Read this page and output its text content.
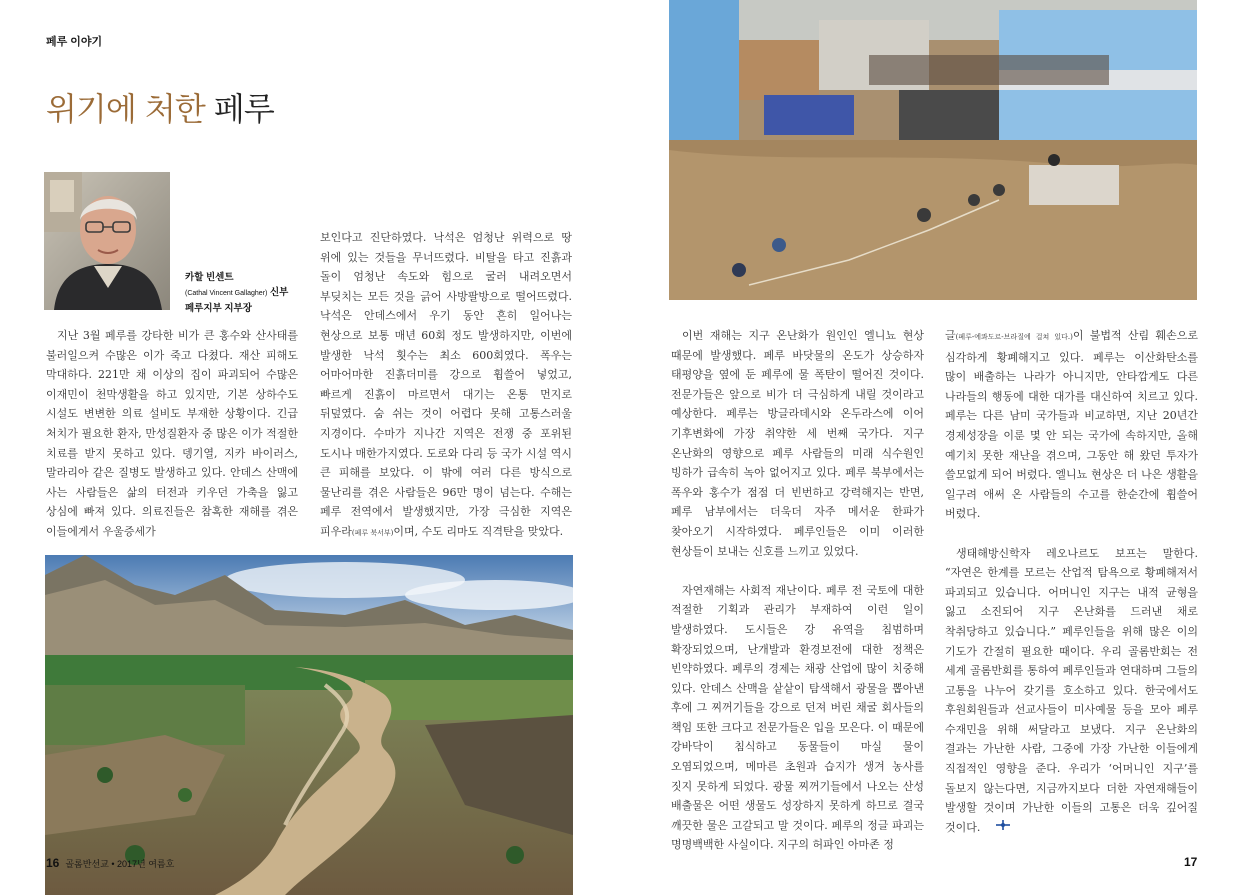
페루 이야기
위기에 처한 페루
카할 빈센트
(Cathal Vincent Gallagher) 신부
페루지부 지부장

지난 3월 페루를 강타한 비가 큰 홍수와 산사태를 불러일으켜 수많은 이가 죽고 다쳤다. 재산 피해도 막대하다. 221만 채 이상의 집이 파괴되어 수많은 이재민이 천막생활을 하고 있지만, 기본 상하수도 시설도 변변한 의료 설비도 부재한 상황이다. 긴급 처치가 필요한 환자, 만성질환자 중 많은 이가 적절한 치료를 받지 못하고 있다. 뎅기열, 지카 바이러스, 말라리아 같은 질병도 발생하고 있다. 안데스 산맥에 사는 사람들은 삶의 터전과 키우던 가축을 잃고 상심에 빠져 있다. 의료진들은 참혹한 재해를 겪은 이들에게서 우울증세가

보인다고 진단하였다. 낙석은 엄청난 위력으로 땅 위에 있는 것들을 무너뜨렸다. 비탈을 타고 진흙과 돌이 엄청난 속도와 힘으로 굴러 내려오면서 부딪치는 모든 것을 긁어 사방팔방으로 떨어뜨렸다. 낙석은 안데스에서 우기 동안 흔히 일어나는 현상으로 보통 매년 60회 정도 발생하지만, 이번에 발생한 낙석 횟수는 최소 600회였다. 폭우는 어마어마한 진흙더미를 강으로 휩쓸어 넣었고, 빠르게 진흙이 마르면서 대기는 온통 먼지로 뒤덮였다. 숨 쉬는 것이 어렵다 못해 고통스러울 지경이다. 수마가 지나간 지역은 전쟁 중 포위된 도시나 매한가지였다. 도로와 다리 등 국가 시설 역시 큰 피해를 보았다. 이 밖에 여러 다른 방식으로 물난리를 겪은 사람들은 96만 명이 넘는다. 수해는 페루 전역에서 발생했지만, 가장 극심한 지역은 피우라(페루 북서부)이며, 수도 리마도 직격탄을 맞았다.

이번 재해는 지구 온난화가 원인인 엘니뇨 현상 때문에 발생했다. 페루 바닷물의 온도가 상승하자 태평양을 옆에 둔 페루에 물 폭탄이 떨어진 것이다. 전문가들은 앞으로 비가 더 극심하게 내릴 것이라고 예상한다. 페루는 방글라데시와 온두라스에 이어 기후변화에 가장 취약한 세 번째 국가다. 지구 온난화의 영향으로 페루 사람들의 미래 식수원인 빙하가 급속히 녹아 없어지고 있다. 페루 북부에서는 폭우와 홍수가 점점 더 빈번하고 강력해지는 반면, 페루 남부에서는 더욱더 자주 메서운 한파가 찾아오기 시작하였다. 페루인들은 이미 이러한 현상들이 보내는 신호를 느끼고 있었다.

자연재해는 사회적 재난이다. 페루 전 국토에 대한 적절한 기획과 관리가 부재하여 이런 일이 발생하였다. 도시들은 강 유역을 침범하며 확장되었으며, 난개발과 환경보전에 대한 정책은 빈약하였다. 페루의 경제는 채광 산업에 많이 치중해 있다. 안데스 산맥을 샅샅이 탐색해서 광물을 뽑아낸 후에 그 찌꺼기들을 강으로 던져 버린 채굴 회사들의 책임 또한 크다고 전문가들은 입을 모은다. 이 때문에 강바닥이 침식하고 동물들이 마실 물이 오염되었으며, 메마른 초원과 습지가 생겨 농사를 짓지 못하게 되었다. 광물 찌꺼기들에서 나오는 산성 배출물은 어떤 생물도 성장하지 못하게 하므로 결국 깨끗한 물은 고갈되고 말 것이다. 페루의 정글 파괴는 명명백백한 사실이다. 지구의 허파인 아마존 정

글(페루-에콰도르-브라질에 걸쳐 있다.)이 불법적 산림 훼손으로 심각하게 황폐해지고 있다. 페루는 이산화탄소를 많이 배출하는 나라가 아니지만, 안타깝게도 다른 나라들의 행동에 대한 대가를 대신하여 치르고 있다. 페루는 다른 남미 국가들과 비교하면, 지난 20년간 경제성장을 이룬 몇 안 되는 국가에 속하지만, 올해 예기치 못한 재난을 겪으며, 그동안 해 왔던 투자가 쓸모없게 되어 버렸다. 엘니뇨 현상은 더 나은 생활을 일구려 애써 온 사람들의 수고를 한순간에 휩쓸어 버렸다.

생태해방신학자 레오나르도 보프는 말한다. “자연은 한계를 모르는 산업적 탐욕으로 황폐해져서 파괴되고 있습니다. 어머니인 지구는 내적 균형을 잃고 소진되어 지구 온난화를 드러낸 채로 착취당하고 있습니다.” 페루인들을 위해 많은 이의 기도가 간절히 필요한 때이다. 우리 골롬반회는 전 세계 골롬반회를 통하여 페루인들과 연대하며 그들의 고통을 나누어 갖기를 호소하고 있다. 한국에서도 후원회원들과 선교사들이 미사예물 등을 모아 페루 수재민을 위해 써달라고 보냈다. 지구 온난화의 결과는 가난한 사람, 그중에 가장 가난한 이들에게 직접적인 영향을 준다. 우리가 ‘어머니인 지구’를 돌보지 않는다면, 지금까지보다 더한 자연재해들이 발생할 것이며 가난한 이들의 고통은 더욱 깊어질 것이다.

16 골롬반선교 • 2017년 여름호	17
